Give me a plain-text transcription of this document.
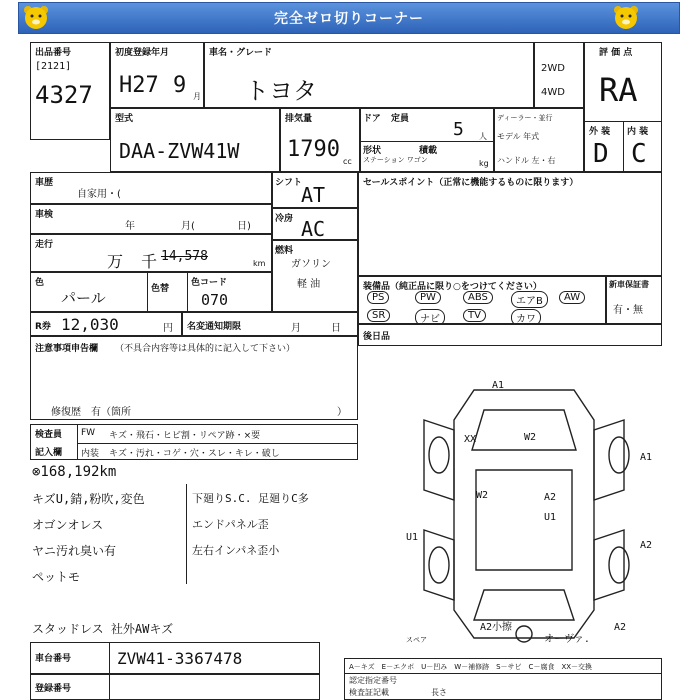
完全ゼロ切りコーナー
出品番号
[2121]
4327
初度登録年月
H27 9 月
車名・グレード
トヨタ
2WD
4WD
評 価 点
RA
外 装 内 装
D C
型式
DAA-ZVW41W
排気量
1790 cc
ドア 定員 5 人
形状
ステーション ワゴン
積載
kg
ディーラー・並行
モデル 年式
ハンドル 左・右
車歴
自家用・(
車検
年	月(	日)
走行
万 千 14,578	km
色
パール	色替
色コード
070
シフト
AT
冷房 AC
燃料
ガソリン
軽 油
セールスポイント（正常に機能するものに限ります）
装備品（純正品に限り○をつけてください）
PS	PW	ABS	エアB	AW
SR	ナビ	TV	カワ
新車保証書
有・無
R券 12,030	円 名変通知期限	月	日
後日品
注意事項申告欄 （不具合内容等は具体的に記入して下さい）
修復歴　有（箇所	）
検査員
記入欄
FW キズ・飛石・ヒビ割・リペア跡・×要
内装 キズ・汚れ・コゲ・穴・スレ・キレ・破し
⊗168,192km
キズU,錆,粉吹,変色
オゴンオレス
ヤニ汚れ臭い有
ペットモ
下廻りS.C. 足廻りC多
エンドパネル歪
左右インパネ歪小
スタッドレス 社外AWキズ
A1
XX	W2
W2	A2
U1
A1
U1
A2
A2小擦	A2
オーヴァ.
スペア
車台番号	ZVW41-3367478
登録番号
A－キズ　E－エクボ　U－凹み　W－補修跡　S－サビ　C－腐食　XX－交換
認定指定番号
検査証記載	長さ
